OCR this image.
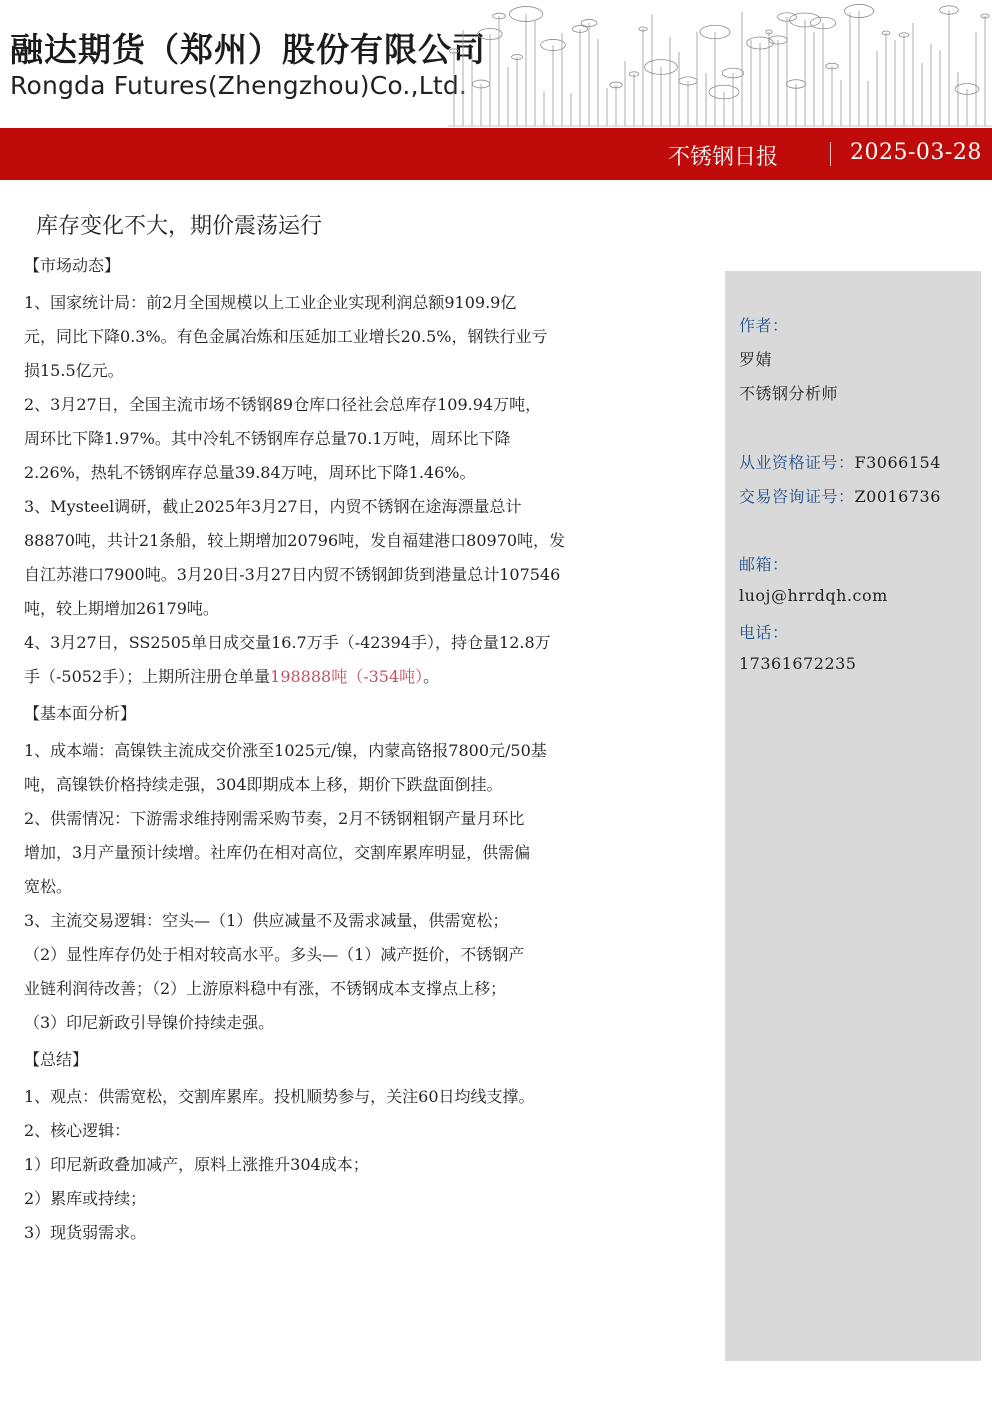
融达期货（郑州）股份有限公司
Rongda Futures(Zhengzhou)Co.,Ltd.
不锈钢日报	2025-03-28
库存变化不大，期价震荡运行
【市场动态】

1、国家统计局：前2月全国规模以上工业企业实现利润总额9109.9亿

元，同比下降0.3%。有色金属冶炼和压延加工业增长20.5%，钢铁行业亏

损15.5亿元。

2、3月27日，全国主流市场不锈钢89仓库口径社会总库存109.94万吨，

周环比下降1.97%。其中冷轧不锈钢库存总量70.1万吨，周环比下降

2.26%，热轧不锈钢库存总量39.84万吨，周环比下降1.46%。

3、Mysteel调研，截止2025年3月27日，内贸不锈钢在途海漂量总计

88870吨，共计21条船，较上期增加20796吨，发自福建港口80970吨，发

自江苏港口7900吨。3月20日-3月27日内贸不锈钢卸货到港量总计107546

吨，较上期增加26179吨。

4、3月27日，SS2505单日成交量16.7万手（-42394手），持仓量12.8万

手（-5052手）；上期所注册仓单量198888吨（-354吨）。

【基本面分析】

1、成本端：高镍铁主流成交价涨至1025元/镍，内蒙高铬报7800元/50基

吨，高镍铁价格持续走强，304即期成本上移，期价下跌盘面倒挂。

2、供需情况：下游需求维持刚需采购节奏，2月不锈钢粗钢产量月环比

增加，3月产量预计续增。社库仍在相对高位，交割库累库明显，供需偏

宽松。

3、主流交易逻辑：空头—（1）供应减量不及需求减量，供需宽松；

（2）显性库存仍处于相对较高水平。多头—（1）减产挺价，不锈钢产

业链利润待改善；（2）上游原料稳中有涨，不锈钢成本支撑点上移；

（3）印尼新政引导镍价持续走强。

【总结】

1、观点：供需宽松，交割库累库。投机顺势参与，关注60日均线支撑。

2、核心逻辑：

1）印尼新政叠加减产，原料上涨推升304成本；

2）累库或持续；

3）现货弱需求。

作者：
罗婧
不锈钢分析师
从业资格证号：F3066154
交易咨询证号：Z0016736
邮箱：
luoj@hrrdqh.com
电话：
17361672235
